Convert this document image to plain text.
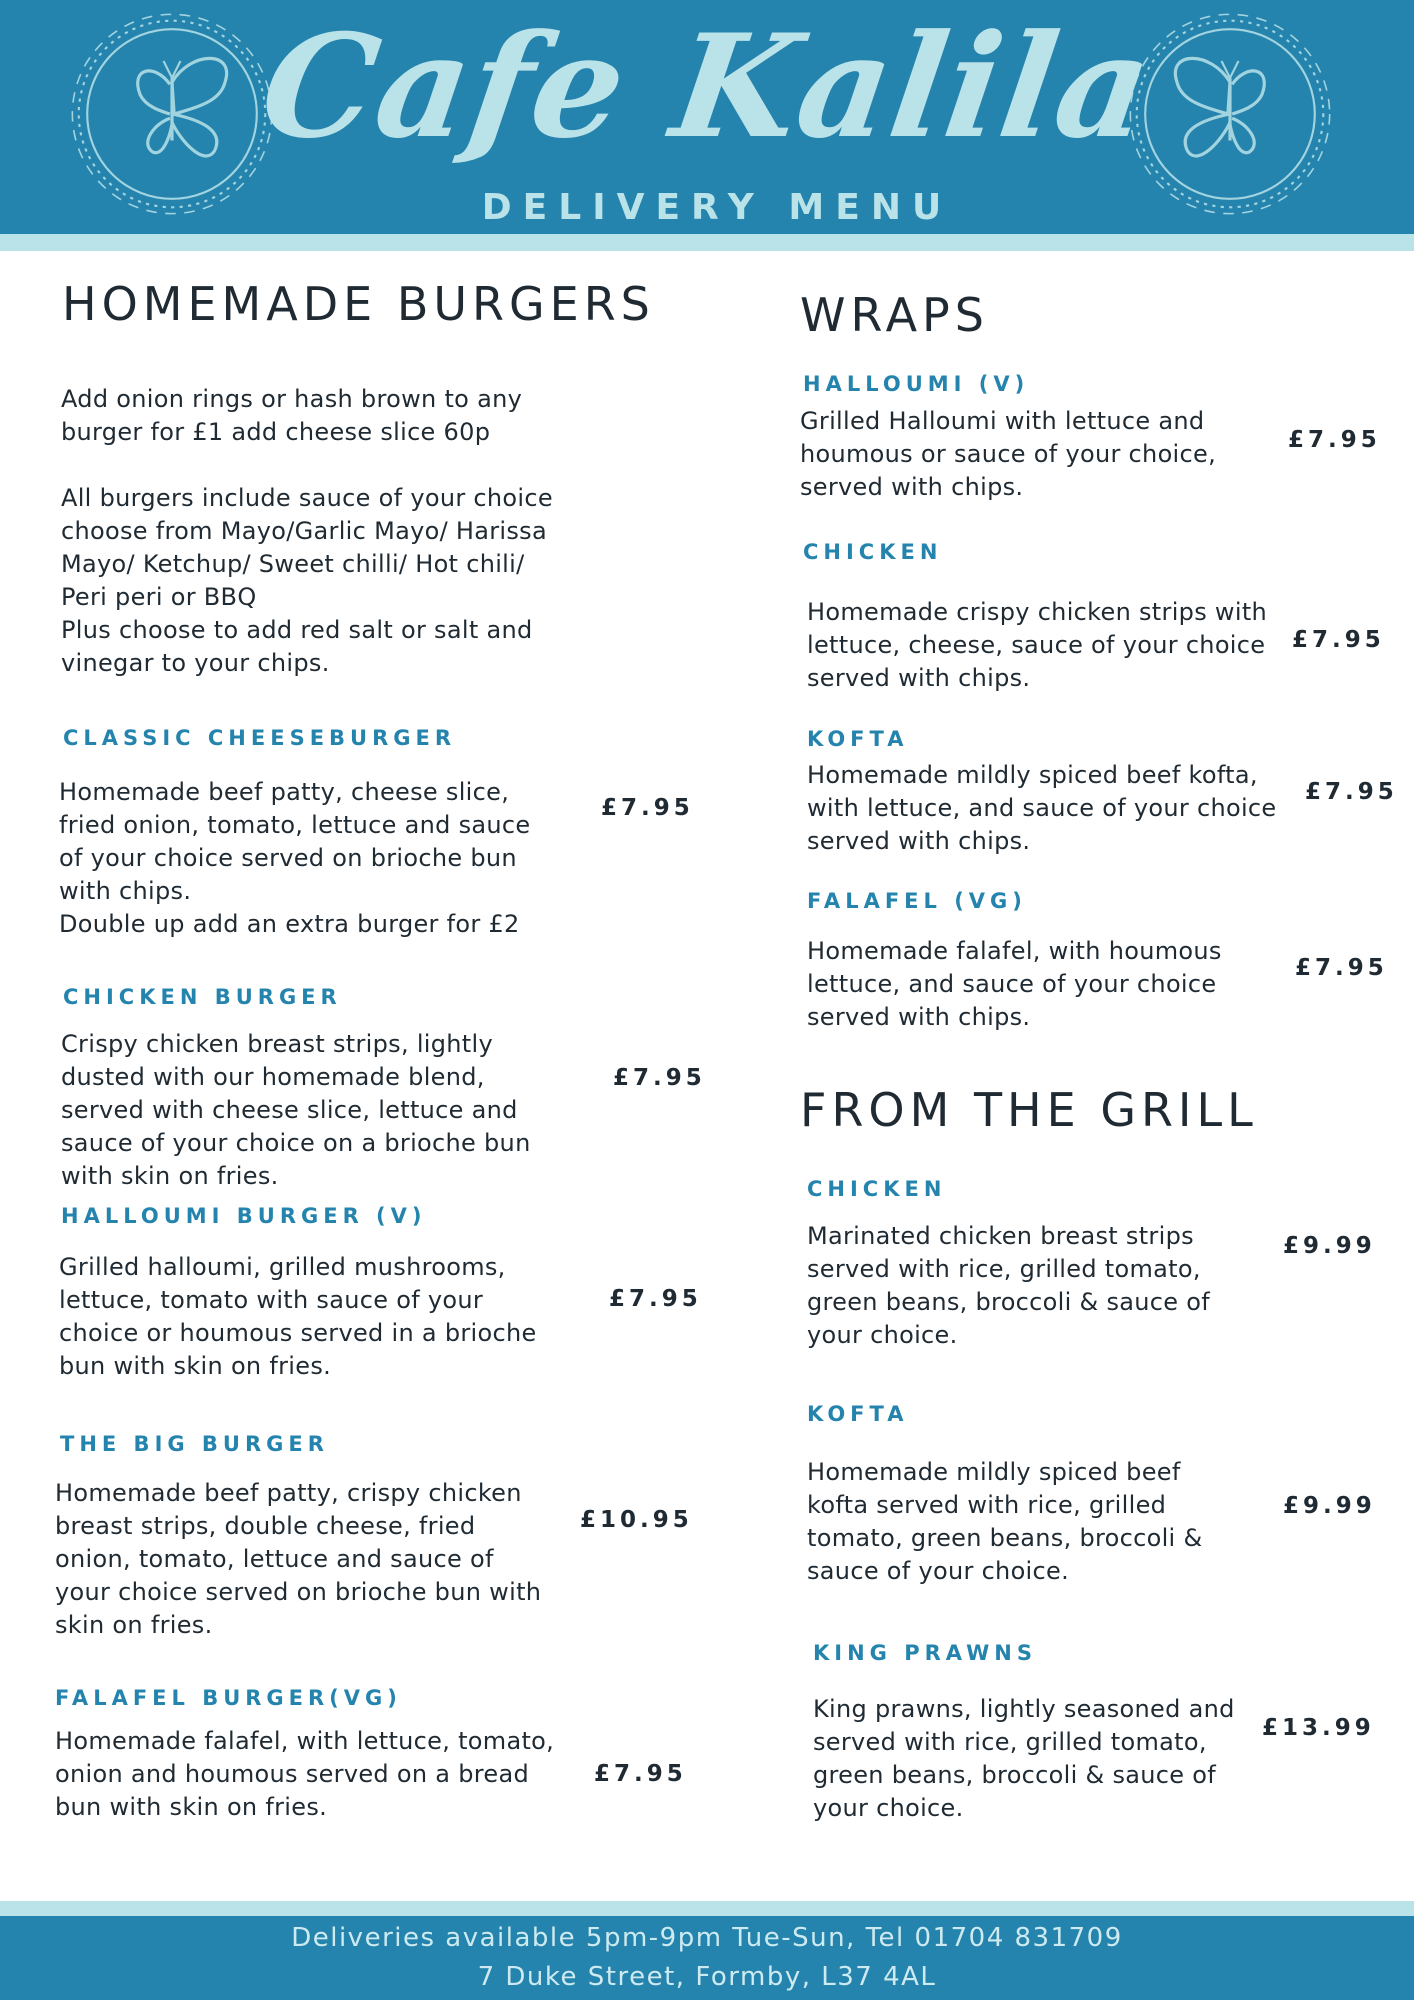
Cafe Kalila
DELIVERY MENU
HOMEMADE BURGERS
Add onion rings or hash brown to any
burger for £1 add cheese slice 60p
All burgers include sauce of your choice
choose from Mayo/Garlic Mayo/ Harissa
Mayo/ Ketchup/ Sweet chilli/ Hot chili/
Peri peri or BBQ
Plus choose to add red salt or salt and
vinegar to your chips.
CLASSIC CHEESEBURGER
Homemade beef patty, cheese slice,
fried onion, tomato, lettuce and sauce
of your choice served on brioche bun
with chips.
Double up add an extra burger for £2
£7.95
CHICKEN BURGER
Crispy chicken breast strips, lightly
dusted with our homemade blend,
served with cheese slice, lettuce and
sauce of your choice on a brioche bun
with skin on fries.
£7.95
HALLOUMI BURGER (V)
Grilled halloumi, grilled mushrooms,
lettuce, tomato with sauce of your
choice or houmous served in a brioche
bun with skin on fries.
£7.95
THE BIG BURGER
Homemade beef patty, crispy chicken
breast strips, double cheese, fried
onion, tomato, lettuce and sauce of
your choice served on brioche bun with
skin on fries.
£10.95
FALAFEL BURGER(VG)
Homemade falafel, with lettuce, tomato,
onion and houmous served on a bread
bun with skin on fries.
£7.95
WRAPS
HALLOUMI (V)
Grilled Halloumi with lettuce and
houmous or sauce of your choice,
served with chips.
£7.95
CHICKEN
Homemade crispy chicken strips with
lettuce, cheese, sauce of your choice
served with chips.
£7.95
KOFTA
Homemade mildly spiced beef kofta,
with lettuce, and sauce of your choice
served with chips.
£7.95
FALAFEL (VG)
Homemade falafel, with houmous
lettuce, and sauce of your choice
served with chips.
£7.95
FROM THE GRILL
CHICKEN
Marinated chicken breast strips
served with rice, grilled tomato,
green beans, broccoli & sauce of
your choice.
£9.99
KOFTA
Homemade mildly spiced beef
kofta served with rice, grilled
tomato, green beans, broccoli &
sauce of your choice.
£9.99
KING PRAWNS
King prawns, lightly seasoned and
served with rice, grilled tomato,
green beans, broccoli & sauce of
your choice.
£13.99
Deliveries available 5pm-9pm Tue-Sun, Tel 01704 831709
7 Duke Street, Formby, L37 4AL
